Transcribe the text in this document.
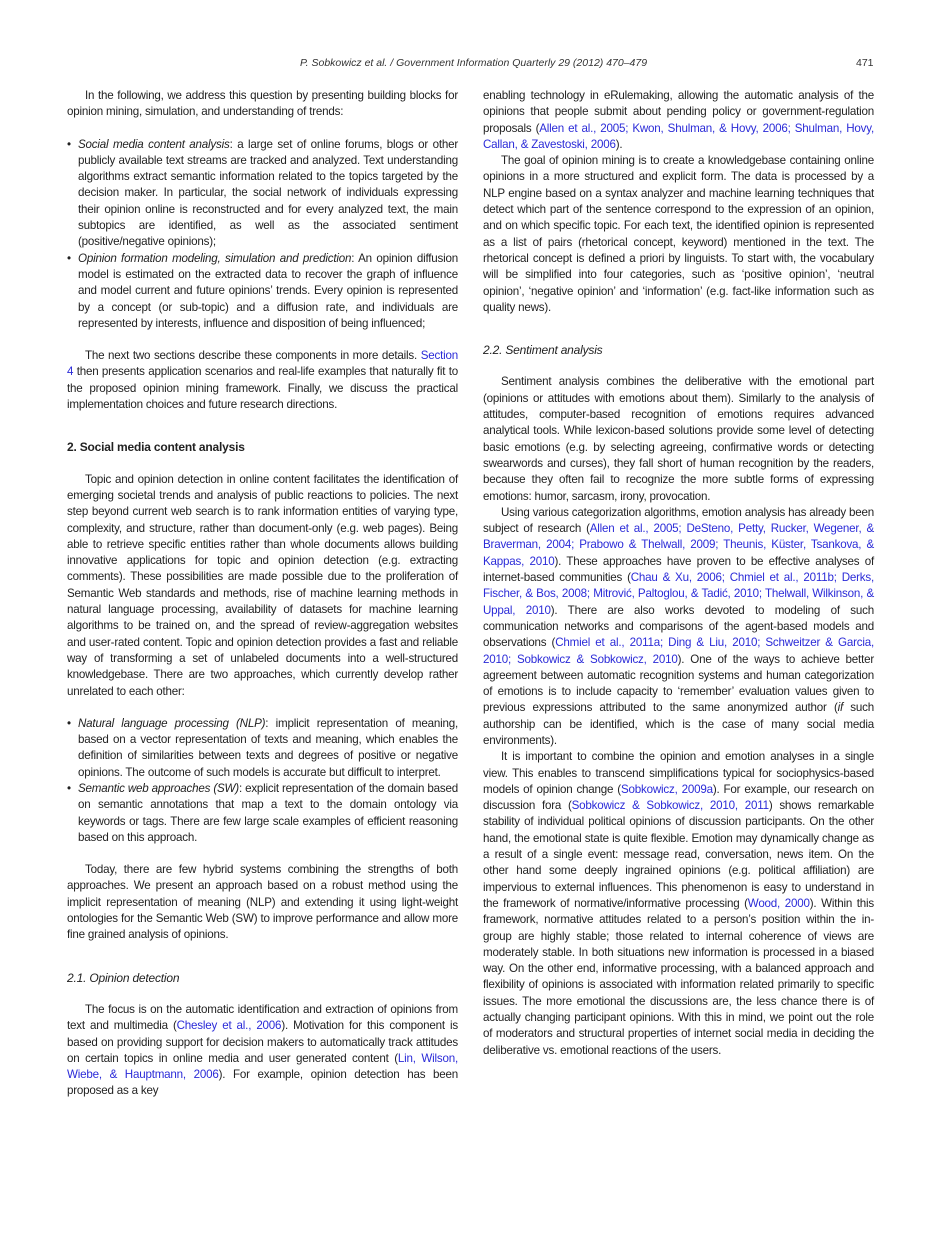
P. Sobkowicz et al. / Government Information Quarterly 29 (2012) 470–479	471

In the following, we address this question by presenting building blocks for opinion mining, simulation, and understanding of trends:

• Social media content analysis: a large set of online forums, blogs or other publicly available text streams are tracked and analyzed. Text understanding algorithms extract semantic information related to the topics targeted by the decision maker. In particular, the social network of individuals expressing their opinion online is reconstructed and for every analyzed text, the main subtopics are identified, as well as the associated sentiment (positive/negative opinions);
• Opinion formation modeling, simulation and prediction: An opinion diffusion model is estimated on the extracted data to recover the graph of influence and model current and future opinions’ trends. Every opinion is represented by a concept (or sub-topic) and a diffusion rate, and individuals are represented by interests, influence and disposition of being influenced;

The next two sections describe these components in more details. Section 4 then presents application scenarios and real-life examples that naturally fit to the proposed opinion mining framework. Finally, we discuss the practical implementation choices and future research directions.

2. Social media content analysis

Topic and opinion detection in online content facilitates the identification of emerging societal trends and analysis of public reactions to policies. The next step beyond current web search is to rank information entities of varying type, complexity, and structure, rather than document-only (e.g. web pages). Being able to retrieve specific entities rather than whole documents allows building innovative applications for topic and opinion detection (e.g. extracting comments). These possibilities are made possible due to the proliferation of Semantic Web standards and methods, rise of machine learning methods in natural language processing, availability of datasets for machine learning algorithms to be trained on, and the spread of review-aggregation websites and user-rated content. Topic and opinion detection provides a fast and reliable way of transforming a set of unlabeled documents into a well-structured knowledgebase. There are two approaches, which currently develop rather unrelated to each other:

• Natural language processing (NLP): implicit representation of meaning, based on a vector representation of texts and meaning, which enables the definition of similarities between texts and degrees of positive or negative opinions. The outcome of such models is accurate but difficult to interpret.
• Semantic web approaches (SW): explicit representation of the domain based on semantic annotations that map a text to the domain ontology via keywords or tags. There are few large scale examples of efficient reasoning based on this approach.

Today, there are few hybrid systems combining the strengths of both approaches. We present an approach based on a robust method using the implicit representation of meaning (NLP) and extending it using light-weight ontologies for the Semantic Web (SW) to improve performance and allow more fine grained analysis of opinions.

2.1. Opinion detection

The focus is on the automatic identification and extraction of opinions from text and multimedia (Chesley et al., 2006). Motivation for this component is based on providing support for decision makers to automatically track attitudes on certain topics in online media and user generated content (Lin, Wilson, Wiebe, & Hauptmann, 2006). For example, opinion detection has been proposed as a key

enabling technology in eRulemaking, allowing the automatic analysis of the opinions that people submit about pending policy or government-regulation proposals (Allen et al., 2005; Kwon, Shulman, & Hovy, 2006; Shulman, Hovy, Callan, & Zavestoski, 2006).

The goal of opinion mining is to create a knowledgebase containing online opinions in a more structured and explicit form. The data is processed by a NLP engine based on a syntax analyzer and machine learning techniques that detect which part of the sentence correspond to the expression of an opinion, and on which specific topic. For each text, the identified opinion is represented as a list of pairs (rhetorical concept, keyword) mentioned in the text. The rhetorical concept is defined a priori by linguists. To start with, the vocabulary will be simplified into four categories, such as ‘positive opinion’, ‘neutral opinion’, ‘negative opinion’ and ‘information’ (e.g. fact-like information such as quality news).

2.2. Sentiment analysis

Sentiment analysis combines the deliberative with the emotional part (opinions or attitudes with emotions about them). Similarly to the analysis of attitudes, computer-based recognition of emotions requires advanced analytical tools. While lexicon-based solutions provide some level of detecting basic emotions (e.g. by selecting agreeing, confirmative words or detecting swearwords and curses), they fall short of human recognition by the readers, because they often fail to recognize the more subtle forms of expressing emotions: humor, sarcasm, irony, provocation.

Using various categorization algorithms, emotion analysis has already been subject of research (Allen et al., 2005; DeSteno, Petty, Rucker, Wegener, & Braverman, 2004; Prabowo & Thelwall, 2009; Theunis, Küster, Tsankova, & Kappas, 2010). These approaches have proven to be effective analyses of internet-based communities (Chau & Xu, 2006; Chmiel et al., 2011b; Derks, Fischer, & Bos, 2008; Mitrović, Paltoglou, & Tadić, 2010; Thelwall, Wilkinson, & Uppal, 2010). There are also works devoted to modeling of such communication networks and comparisons of the agent-based models and observations (Chmiel et al., 2011a; Ding & Liu, 2010; Schweitzer & Garcia, 2010; Sobkowicz & Sobkowicz, 2010). One of the ways to achieve better agreement between automatic recognition systems and human categorization of emotions is to include capacity to ‘remember’ evaluation values given to previous expressions attributed to the same anonymized author (if such authorship can be identified, which is the case of many social media environments).

It is important to combine the opinion and emotion analyses in a single view. This enables to transcend simplifications typical for sociophysics-based models of opinion change (Sobkowicz, 2009a). For example, our research on discussion fora (Sobkowicz & Sobkowicz, 2010, 2011) shows remarkable stability of individual political opinions of discussion participants. On the other hand, the emotional state is quite flexible. Emotion may dynamically change as a result of a single event: message read, conversation, news item. On the other hand some deeply ingrained opinions (e.g. political affiliation) are impervious to external influences. This phenomenon is easy to understand in the framework of normative/informative processing (Wood, 2000). Within this framework, normative attitudes related to a person’s position within the in-group are highly stable; those related to internal coherence of views are moderately stable. In both situations new information is processed in a biased way. On the other end, informative processing, with a balanced approach and flexibility of opinions is associated with information related primarily to specific issues. The more emotional the discussions are, the less chance there is of actually changing participant opinions. With this in mind, we point out the role of moderators and structural properties of internet social media in deciding the deliberative vs. emotional reactions of the users.
